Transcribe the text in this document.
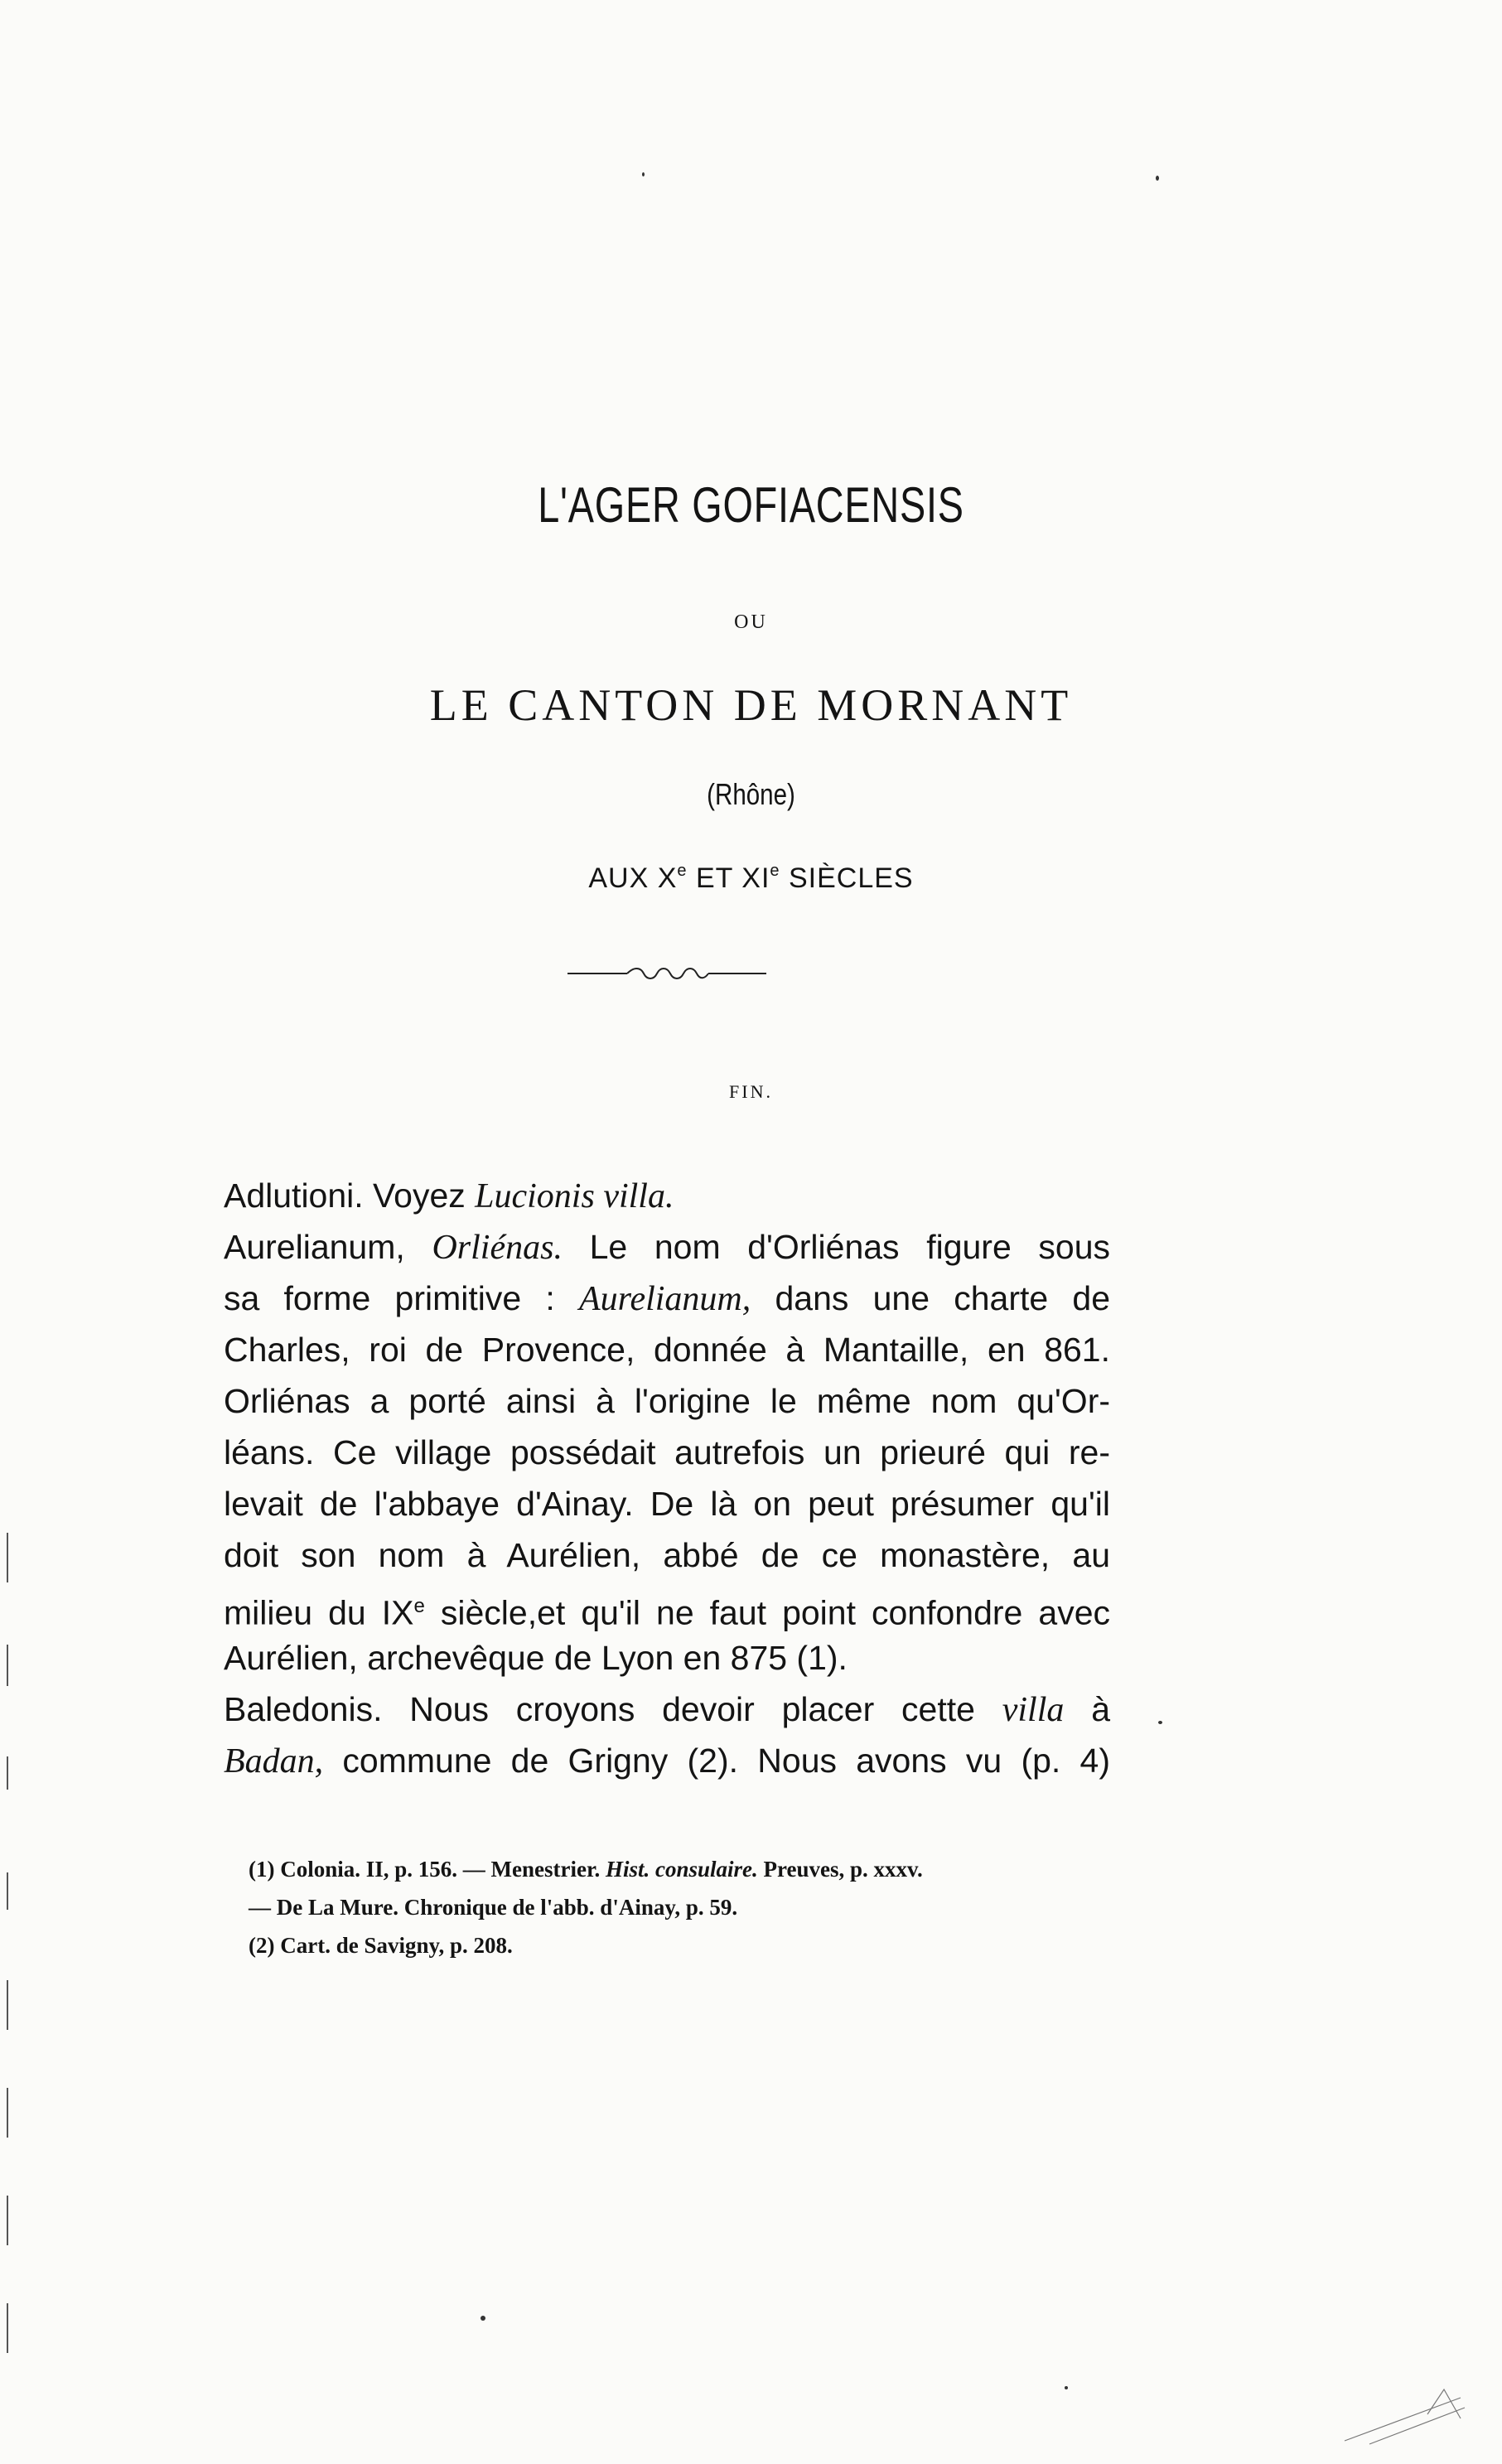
L'AGER GOFIACENSIS
OU
LE CANTON DE MORNANT
(Rhône)
AUX Xe ET XIe SIÈCLES
FIN.
Adlutioni. Voyez Lucionis villa.
Aurelianum, Orliénas. Le nom d'Orliénas figure sous
sa forme primitive : Aurelianum, dans une charte de
Charles, roi de Provence, donnée à Mantaille, en 861.
Orliénas a porté ainsi à l'origine le même nom qu'Or-
léans. Ce village possédait autrefois un prieuré qui re-
levait de l'abbaye d'Ainay. De là on peut présumer qu'il
doit son nom à Aurélien, abbé de ce monastère, au
milieu du IXe siècle,et qu'il ne faut point confondre avec
Aurélien, archevêque de Lyon en 875 (1).
Baledonis. Nous croyons devoir placer cette villa à
Badan, commune de Grigny (2). Nous avons vu (p. 4)
(1) Colonia. II, p. 156. — Menestrier. Hist. consulaire. Preuves, p. xxxv.
— De La Mure. Chronique de l'abb. d'Ainay, p. 59.
(2) Cart. de Savigny, p. 208.
